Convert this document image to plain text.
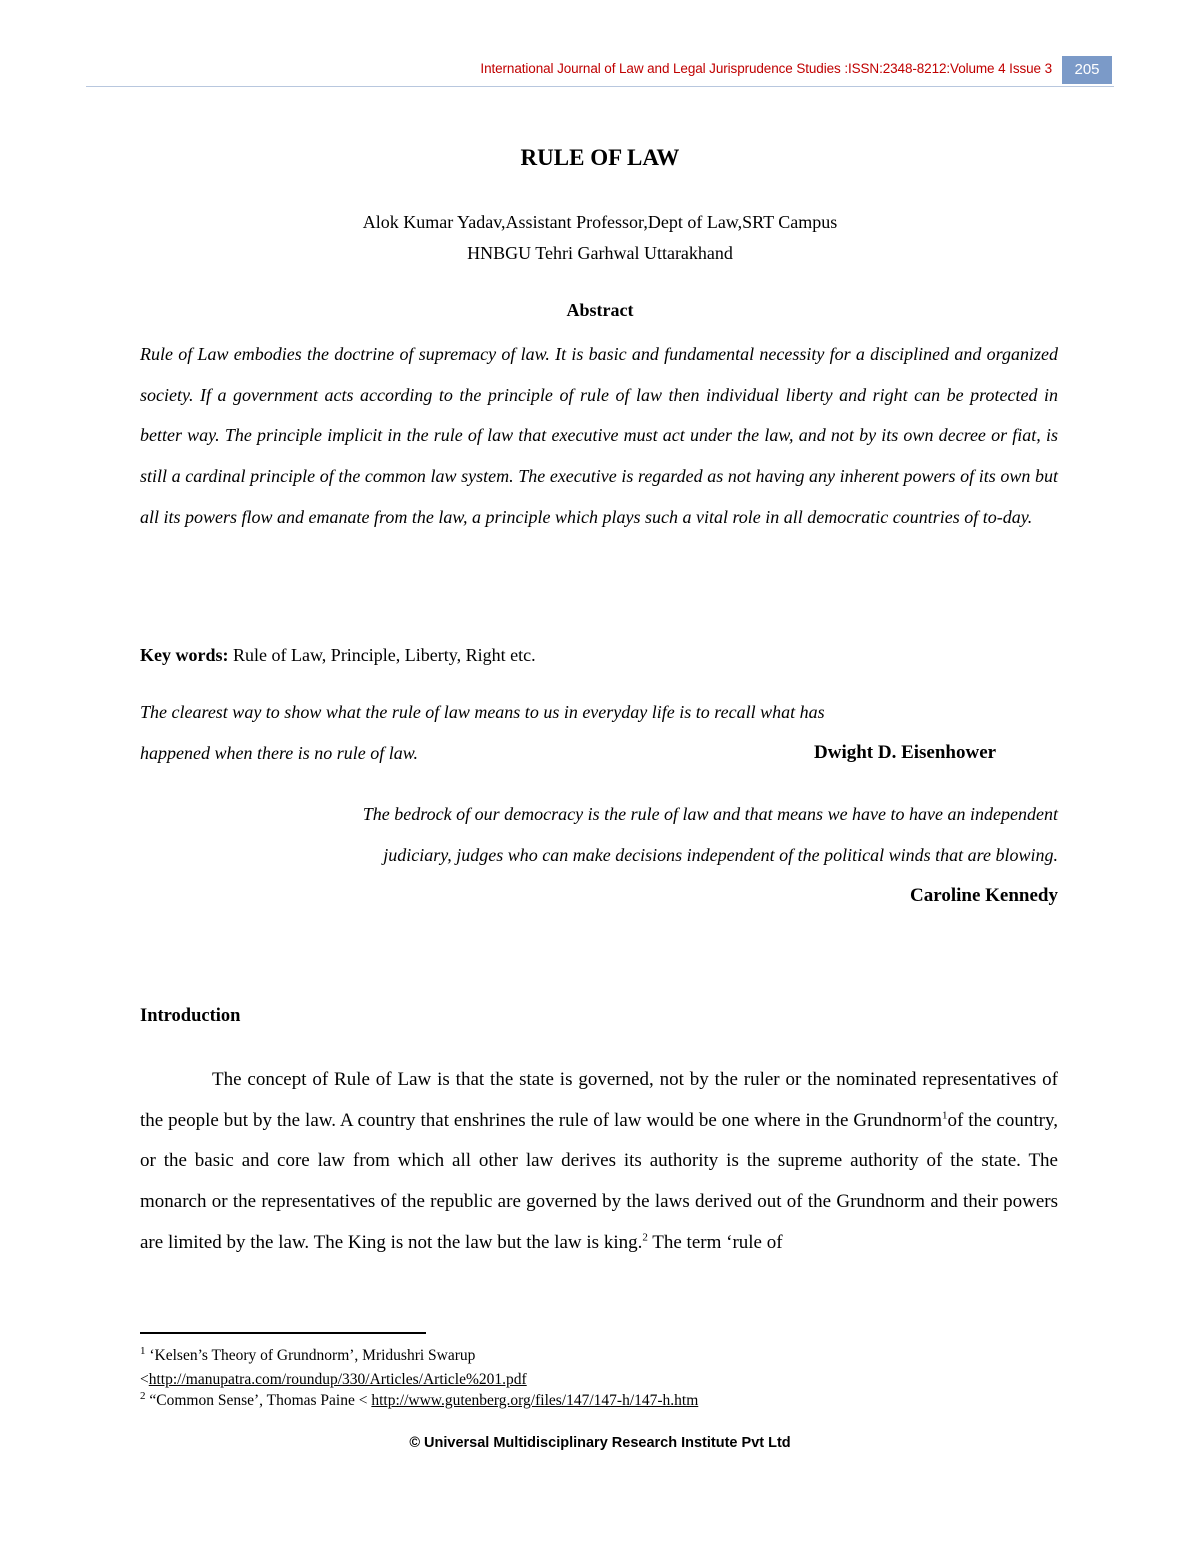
International Journal of Law and Legal Jurisprudence Studies :ISSN:2348-8212:Volume 4 Issue 3	205
RULE OF LAW
Alok Kumar Yadav,Assistant Professor,Dept of Law,SRT Campus
HNBGU Tehri Garhwal Uttarakhand
Abstract

Rule of Law embodies the doctrine of supremacy of law. It is basic and fundamental necessity for a disciplined and organized society. If a government acts according to the principle of rule of law then individual liberty and right can be protected in better way. The principle implicit in the rule of law that executive must act under the law, and not by its own decree or fiat, is still a cardinal principle of the common law system. The executive is regarded as not having any inherent powers of its own but all its powers flow and emanate from the law, a principle which plays such a vital role in all democratic countries of to-day.

Key words: Rule of Law, Principle, Liberty, Right etc.
The clearest way to show what the rule of law means to us in everyday life is to recall what has
happened when there is no rule of law.	Dwight D. Eisenhower
The bedrock of our democracy is the rule of law and that means we have to have an independent
judiciary, judges who can make decisions independent of the political winds that are blowing.
Caroline Kennedy
Introduction

The concept of Rule of Law is that the state is governed, not by the ruler or the nominated representatives of the people but by the law. A country that enshrines the rule of law would be one where in the Grundnorm$^1$of the country, or the basic and core law from which all other law derives its authority is the supreme authority of the state. The monarch or the representatives of the republic are governed by the laws derived out of the Grundnorm and their powers are limited by the law. The King is not the law but the law is king.$^2$ The term ‘rule of

$^1$ ‘Kelsen’s Theory of Grundnorm’, Mridushri Swarup
<http://manupatra.com/roundup/330/Articles/Article%201.pdf
$^2$ “Common Sense’, Thomas Paine < http://www.gutenberg.org/files/147/147-h/147-h.htm
© Universal Multidisciplinary Research Institute Pvt Ltd
